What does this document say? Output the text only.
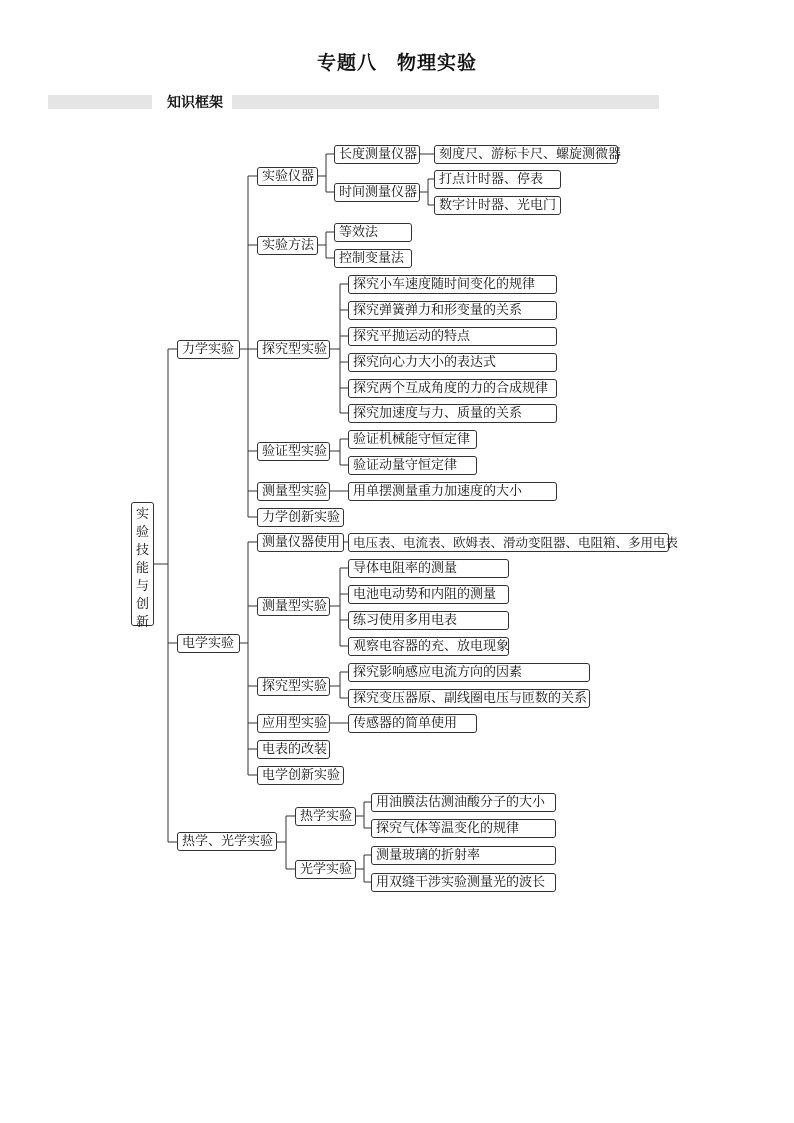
专题八　物理实验
知识框架
实
验
技
能
与
创
新
力学实验
电学实验
热学、光学实验
实验仪器
长度测量仪器	刻度尺、游标卡尺、螺旋测微器
时间测量仪器
打点计时器、停表
数字计时器、光电门
实验方法
等效法
控制变量法
探究型实验
探究小车速度随时间变化的规律
探究弹簧弹力和形变量的关系
探究平抛运动的特点
探究向心力大小的表达式
探究两个互成角度的力的合成规律
探究加速度与力、质量的关系
验证型实验
验证机械能守恒定律
验证动量守恒定律
测量型实验	用单摆测量重力加速度的大小
力学创新实验
测量仪器使用	电压表、电流表、欧姆表、滑动变阻器、电阻箱、多用电表
测量型实验
导体电阻率的测量
电池电动势和内阻的测量
练习使用多用电表
观察电容器的充、放电现象
探究型实验
探究影响感应电流方向的因素
探究变压器原、副线圈电压与匝数的关系
应用型实验	传感器的简单使用
电表的改装
电学创新实验
热学实验
用油膜法估测油酸分子的大小
探究气体等温变化的规律
光学实验
测量玻璃的折射率
用双缝干涉实验测量光的波长
